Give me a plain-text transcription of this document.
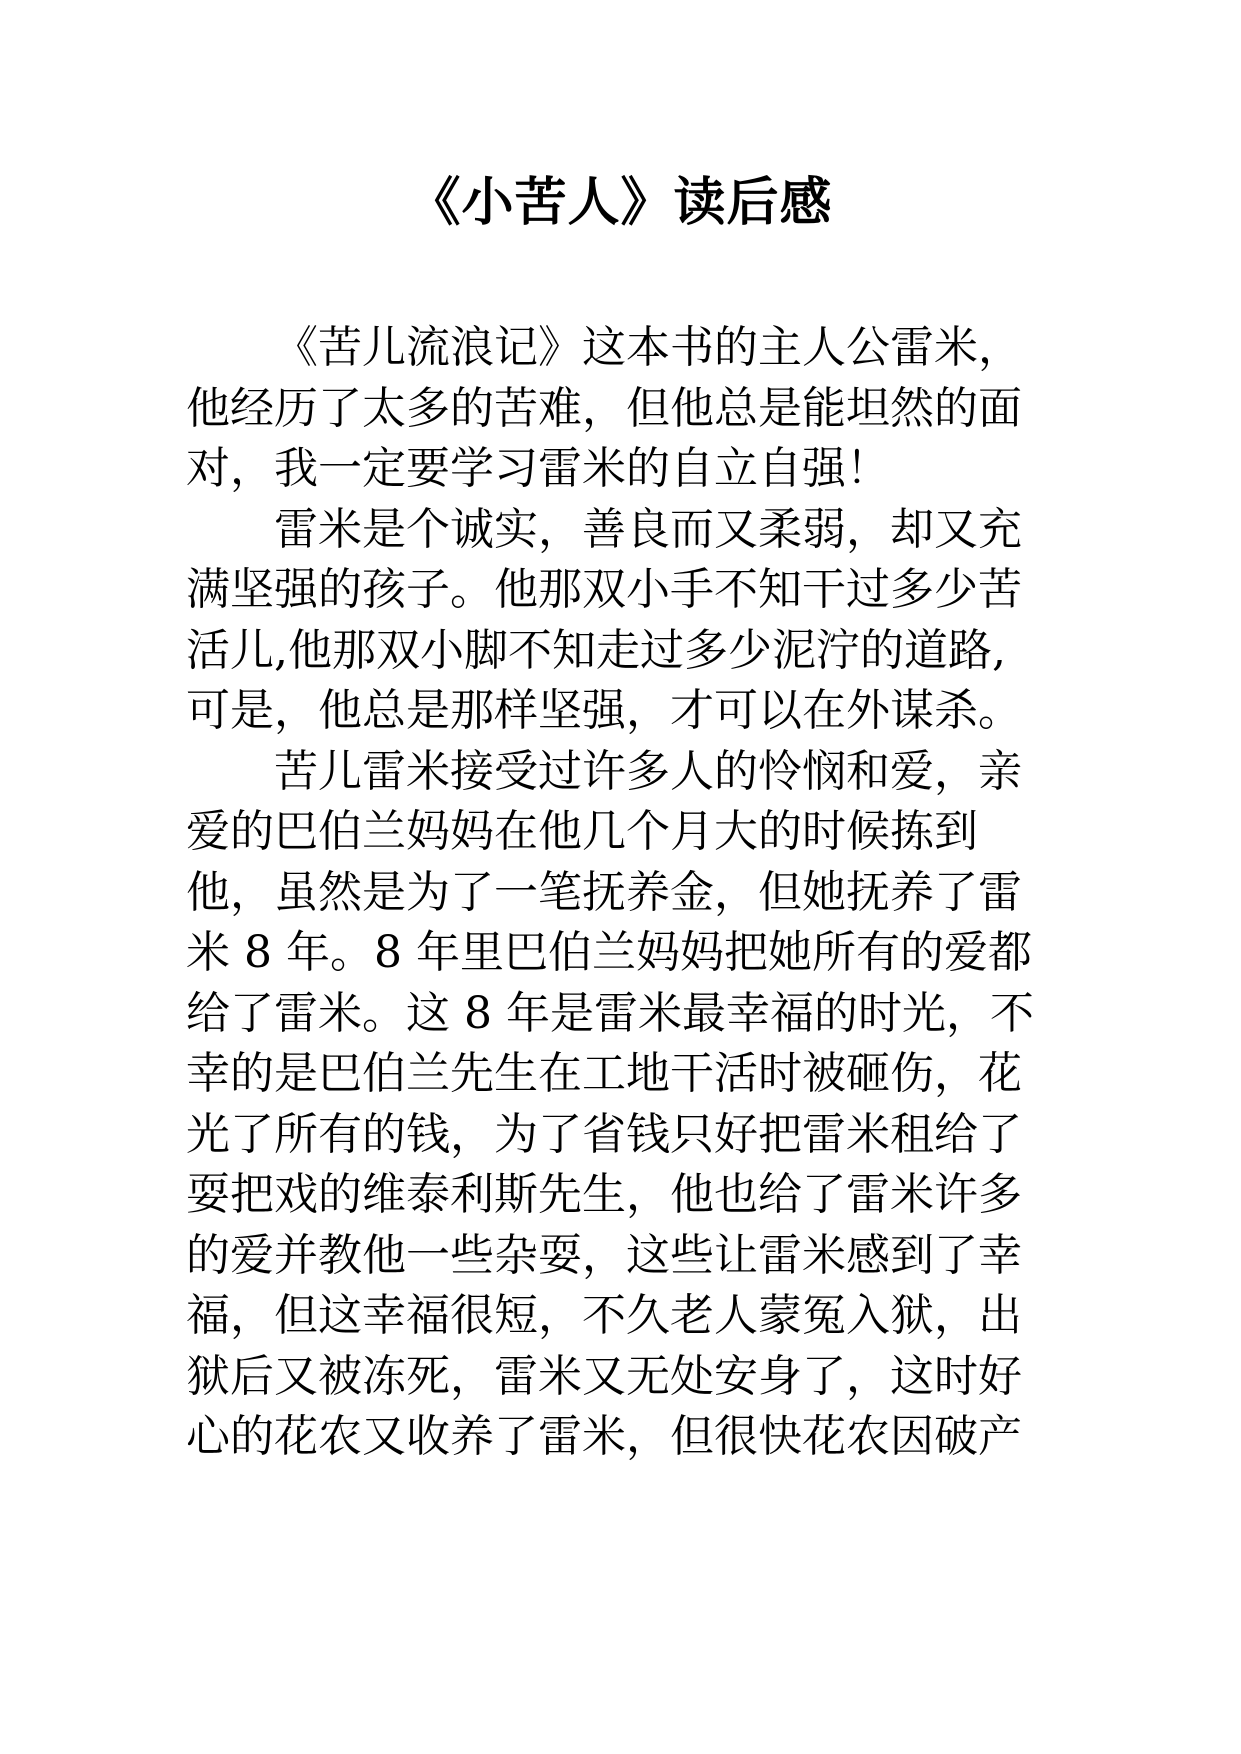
《小苦人》读后感
《苦儿流浪记》这本书的主人公雷米，
他经历了太多的苦难，但他总是能坦然的面
对，我一定要学习雷米的自立自强！
雷米是个诚实，善良而又柔弱，却又充
满坚强的孩子。他那双小手不知干过多少苦
活儿,他那双小脚不知走过多少泥泞的道路,
可是，他总是那样坚强，才可以在外谋杀。
苦儿雷米接受过许多人的怜悯和爱，亲
爱的巴伯兰妈妈在他几个月大的时候拣到
他，虽然是为了一笔抚养金，但她抚养了雷
米 8 年。8 年里巴伯兰妈妈把她所有的爱都
给了雷米。这 8 年是雷米最幸福的时光，不
幸的是巴伯兰先生在工地干活时被砸伤，花
光了所有的钱，为了省钱只好把雷米租给了
耍把戏的维泰利斯先生，他也给了雷米许多
的爱并教他一些杂耍，这些让雷米感到了幸
福，但这幸福很短，不久老人蒙冤入狱，出
狱后又被冻死，雷米又无处安身了，这时好
心的花农又收养了雷米，但很快花农因破产
